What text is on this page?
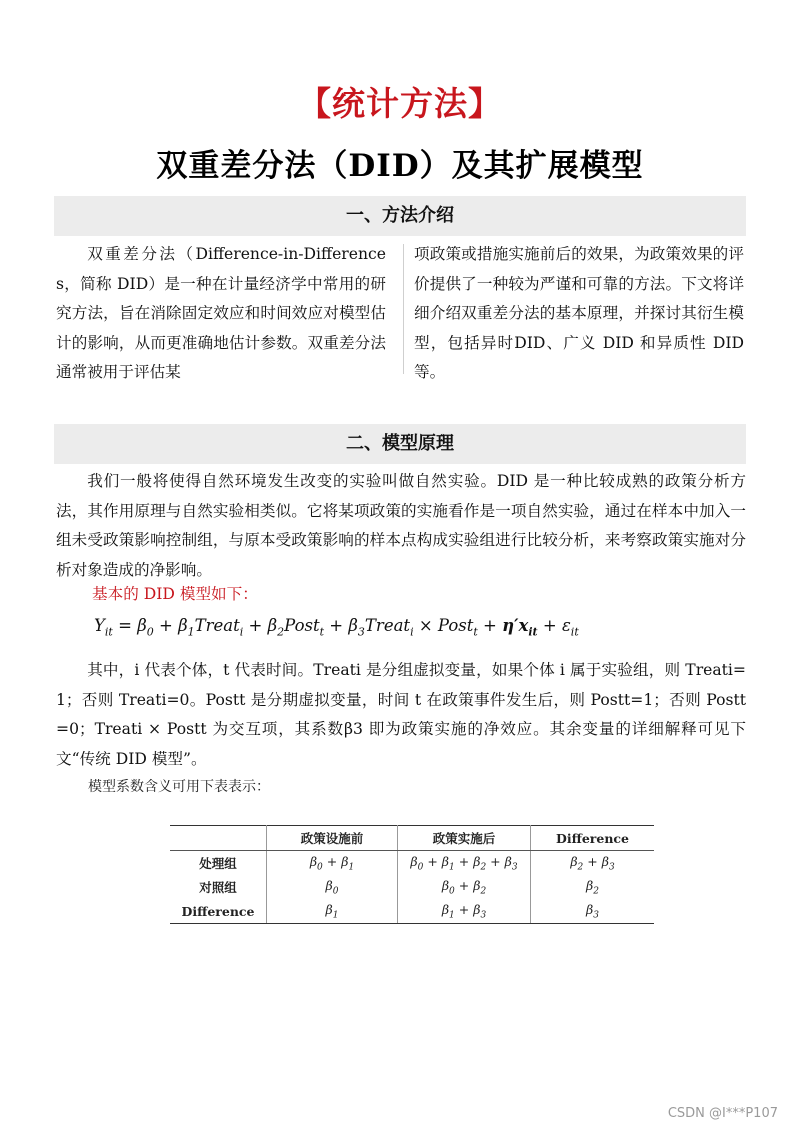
【统计方法】
双重差分法（DID）及其扩展模型
一、方法介绍
双重差分法（Difference-in-Differences，简称 DID）是一种在计量经济学中常用的研究方法，旨在消除固定效应和时间效应对模型估计的影响，从而更准确地估计参数。双重差分法通常被用于评估某
项政策或措施实施前后的效果，为政策效果的评价提供了一种较为严谨和可靠的方法。下文将详细介绍双重差分法的基本原理，并探讨其衍生模型，包括异时DID、广义 DID 和异质性 DID 等。
二、模型原理
我们一般将使得自然环境发生改变的实验叫做自然实验。DID 是一种比较成熟的政策分析方法，其作用原理与自然实验相类似。它将某项政策的实施看作是一项自然实验，通过在样本中加入一组未受政策影响控制组，与原本受政策影响的样本点构成实验组进行比较分析，来考察政策实施对分析对象造成的净影响。
基本的 DID 模型如下：
$Y_{it} = \beta_0$ + $\beta_1Treat_i$ + $\beta_2Post_t$ + $\beta_3Treat_i$ × Post$_t$ + $\eta'x_{it} + \varepsilon_{it}$
其中，i 代表个体，t 代表时间。Treati 是分组虚拟变量，如果个体 i 属于实验组，则 Treati=1；否则 Treati=0。Postt 是分期虚拟变量，时间 t 在政策事件发生后，则 Postt=1；否则 Postt=0；Treati × Postt 为交互项，其系数β3 即为政策实施的净效应。其余变量的详细解释可见下文“传统 DID 模型”。
模型系数含义可用下表表示：
	政策设施前	政策实施后	Difference
处理组	$\beta_0 + \beta_1$	$\beta_0 + \beta_1 + \beta_2 + \beta_3$	$\beta_2 + \beta_3$
对照组	$\beta_0$	$\beta_0 + \beta_2$	$\beta_2$
Difference	$\beta_1$	$\beta_1 + \beta_3$	$\beta_3$
CSDN @I***P107
